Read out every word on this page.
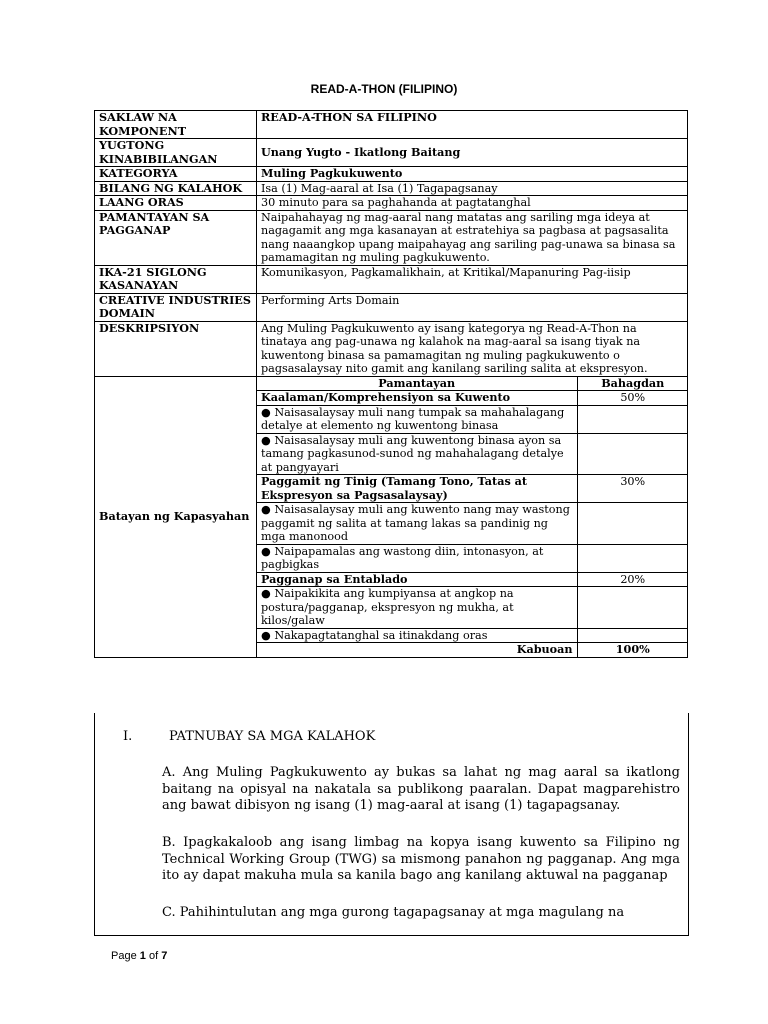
READ-A-THON (FILIPINO)
SAKLAW NA KOMPONENT	READ-A-THON SA FILIPINO
YUGTONG KINABIBILANGAN	Unang Yugto - Ikatlong Baitang
KATEGORYA	Muling Pagkukuwento
BILANG NG KALAHOK	Isa (1) Mag-aaral at Isa (1) Tagapagsanay
LAANG ORAS	30 minuto para sa paghahanda at pagtatanghal
PAMANTAYAN SA PAGGANAP	Naipahahayag ng mag-aaral nang matatas ang sariling mga ideya at nagagamit ang mga kasanayan at estratehiya sa pagbasa at pagsasalita nang naaangkop upang maipahayag ang sariling pag-unawa sa binasa sa pamamagitan ng muling pagkukuwento.
IKA-21 SIGLONG KASANAYAN	Komunikasyon, Pagkamalikhain, at Kritikal/Mapanuring Pag-iisip
CREATIVE INDUSTRIES DOMAIN	Performing Arts Domain
DESKRIPSIYON	Ang Muling Pagkukuwento ay isang kategorya ng Read-A-Thon na tinataya ang pag-unawa ng kalahok na mag-aaral sa isang tiyak na kuwentong binasa sa pamamagitan ng muling pagkukuwento o pagsasalaysay nito gamit ang kanilang sariling salita at ekspresyon.
Batayan ng Kapasyahan	
Pamantayan	Bahagdan
Kaalaman/Komprehensiyon sa Kuwento	50%
● Naisasalaysay muli nang tumpak sa mahahalagang detalye at elemento ng kuwentong binasa	
● Naisasalaysay muli ang kuwentong binasa ayon sa tamang pagkasunod-sunod ng mahahalagang detalye at pangyayari	
Paggamit ng Tinig (Tamang Tono, Tatas at Ekspresyon sa Pagsasalaysay)	30%
● Naisasalaysay muli ang kuwento nang may wastong paggamit ng salita at tamang lakas sa pandinig ng mga manonood	
● Naipapamalas ang wastong diin, intonasyon, at pagbigkas	
Pagganap sa Entablado	20%
● Naipakikita ang kumpiyansa at angkop na postura/pagganap, ekspresyon ng mukha, at kilos/galaw	
● Nakapagtatanghal sa itinakdang oras	
Kabuoan	100%
I.	PATNUBAY SA MGA KALAHOK
A. Ang Muling Pagkukuwento ay bukas sa lahat ng mag aaral sa ikatlong baitang na opisyal na nakatala sa publikong paaralan. Dapat magparehistro ang bawat dibisyon ng isang (1) mag-aaral at isang (1) tagapagsanay.
B. Ipagkakaloob ang isang limbag na kopya isang kuwento sa Filipino ng Technical Working Group (TWG) sa mismong panahon ng pagganap. Ang mga ito ay dapat makuha mula sa kanila bago ang kanilang aktuwal na pagganap
C. Pahihintulutan ang mga gurong tagapagsanay at mga magulang na
Page 1 of 7
